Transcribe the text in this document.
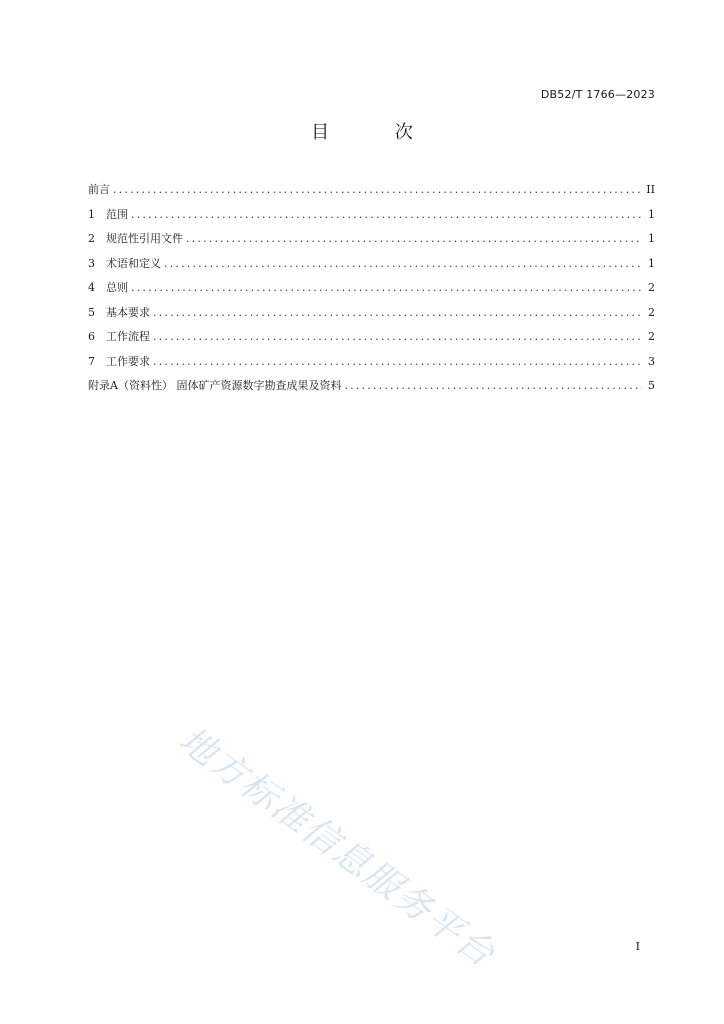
DB52/T 1766—2023
目 次
前言 .....	II
1	范围 .....	1
2	规范性引用文件 .....	1
3	术语和定义 .....	1
4	总则 .....	2
5	基本要求 .....	2
6	工作流程 .....	2
7	工作要求 .....	3
附录A（资料性） 固体矿产资源数字勘查成果及资料 .....	5
地方标准信息服务平台	I
